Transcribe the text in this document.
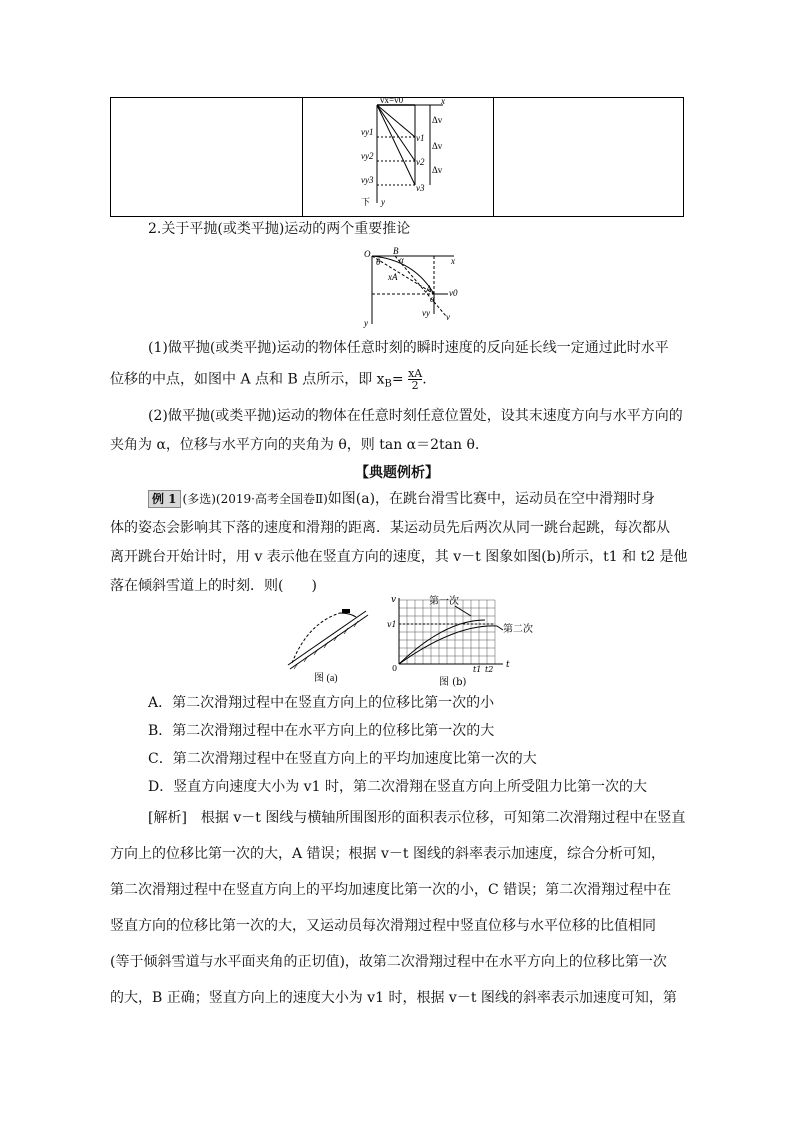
vx=v0	x
y
vy1
vy2
vy3
v1
v2
v3
Δv
Δv
Δv
下
2.关于平抛(或类平抛)运动的两个重要推论
O	B
α
θ	x
y
xA
A
α
v0
vy v
(1)做平抛(或类平抛)运动的物体任意时刻的瞬时速度的反向延长线一定通过此时水平
位移的中点，如图中 A 点和 B 点所示，即 $x_B= \frac{xA}{2}$ .
(2)做平抛(或类平抛)运动的物体在任意时刻任意位置处，设其末速度方向与水平方向的
夹角为 α，位移与水平方向的夹角为 θ，则 tan α＝2tan θ.
【典题例析】
例 1 (多选)(2019·高考全国卷Ⅱ)如图(a)，在跳台滑雪比赛中，运动员在空中滑翔时身
体的姿态会影响其下落的速度和滑翔的距离．某运动员先后两次从同一跳台起跳，每次都从
离开跳台开始计时，用 v 表示他在竖直方向的速度，其 v－t 图象如图(b)所示，t1 和 t2 是他
落在倾斜雪道上的时刻．则(　　)
图 (a)
v
t
v1
0	t1 t2
第一次
第二次
图 (b)
A．第二次滑翔过程中在竖直方向上的位移比第一次的小
B．第二次滑翔过程中在水平方向上的位移比第一次的大
C．第二次滑翔过程中在竖直方向上的平均加速度比第一次的大
D．竖直方向速度大小为 v1 时，第二次滑翔在竖直方向上所受阻力比第一次的大
[解析]　根据 v－t 图线与横轴所围图形的面积表示位移，可知第二次滑翔过程中在竖直
方向上的位移比第一次的大，A 错误；根据 v－t 图线的斜率表示加速度，综合分析可知，
第二次滑翔过程中在竖直方向上的平均加速度比第一次的小，C 错误；第二次滑翔过程中在
竖直方向的位移比第一次的大，又运动员每次滑翔过程中竖直位移与水平位移的比值相同
(等于倾斜雪道与水平面夹角的正切值)，故第二次滑翔过程中在水平方向上的位移比第一次
的大，B 正确；竖直方向上的速度大小为 v1 时，根据 v－t 图线的斜率表示加速度可知，第
